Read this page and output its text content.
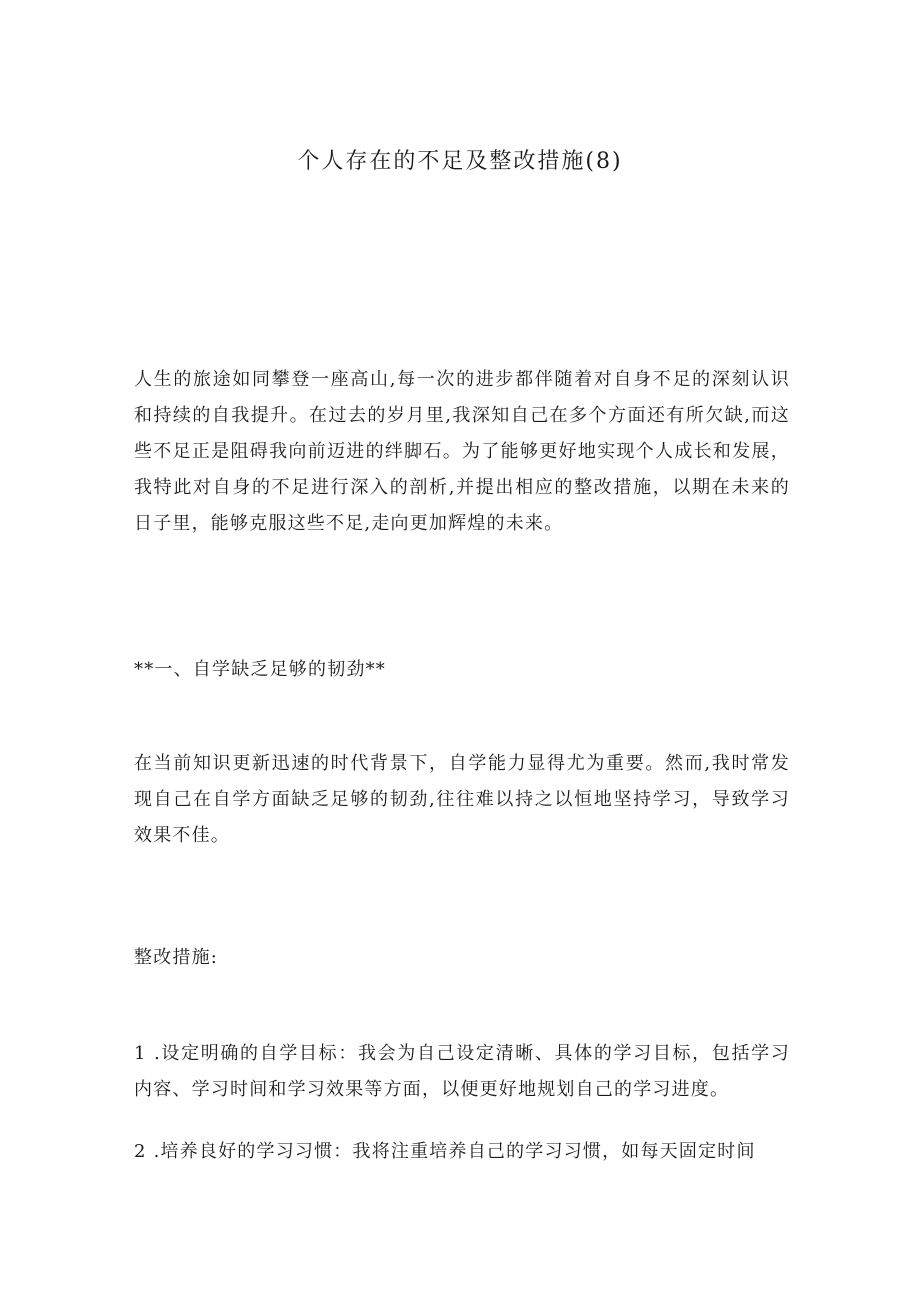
个人存在的不足及整改措施(8)

人生的旅途如同攀登一座高山,每一次的进步都伴随着对自身不足的深刻认识和持续的自我提升。在过去的岁月里,我深知自己在多个方面还有所欠缺,而这些不足正是阻碍我向前迈进的绊脚石。为了能够更好地实现个人成长和发展，我特此对自身的不足进行深入的剖析,并提出相应的整改措施，以期在未来的日子里，能够克服这些不足,走向更加辉煌的未来。

**一、自学缺乏足够的韧劲**

在当前知识更新迅速的时代背景下，自学能力显得尤为重要。然而,我时常发现自己在自学方面缺乏足够的韧劲,往往难以持之以恒地坚持学习，导致学习效果不佳。

整改措施:

1 .设定明确的自学目标：我会为自己设定清晰、具体的学习目标，包括学习内容、学习时间和学习效果等方面，以便更好地规划自己的学习进度。

2 .培养良好的学习习惯：我将注重培养自己的学习习惯，如每天固定时间
